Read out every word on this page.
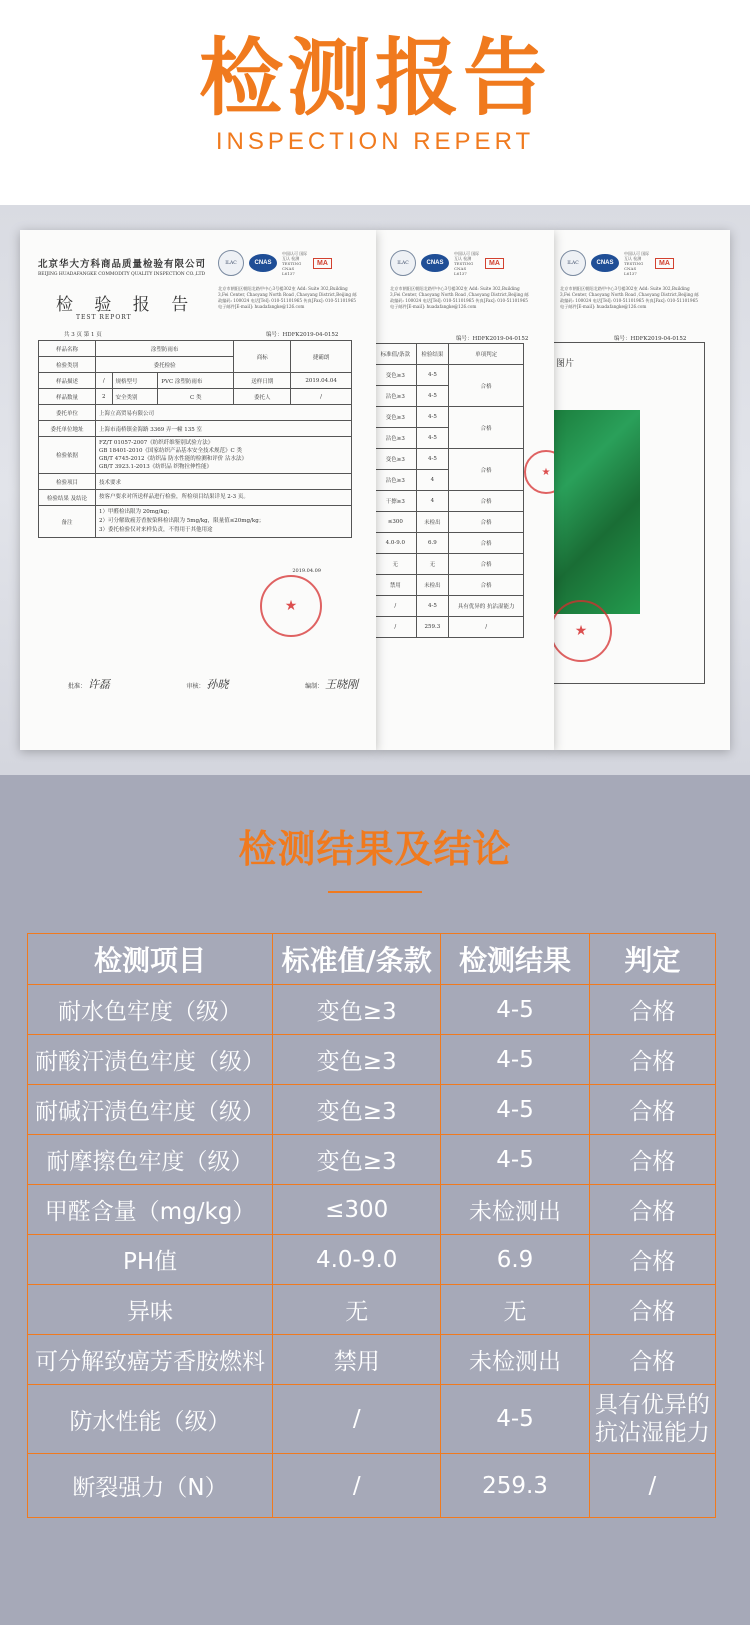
检测报告
INSPECTION REPERT
ILAC	CNAS
中国认可 国际互认 检测 TESTING CNAS L6137
MA
北京市朝阳区朝阳北路甲中心3号楼302室 Add: Suite 302,Building 3,Fei Center, Chaoyang North Road ,Chaoyang District,Beijing 邮政编码: 100024 电话[Tel]: 010-51101965 传真[Fax]: 010-51101965 电子邮件[E-mail]: huadafangke@126.com
编号：HDFK2019-04-0152
图片
★
ILAC	CNAS
中国认可 国际互认 检测 TESTING CNAS L6137
MA
北京市朝阳区朝阳北路甲中心3号楼302室 Add: Suite 302,Building 3,Fei Center, Chaoyang North Road ,Chaoyang District,Beijing 邮政编码: 100024 电话[Tel]: 010-51101965 传真[Fax]: 010-51101965 电子邮件[E-mail]: huadafangke@126.com
编号：HDFK2019-04-0152
标准值/条款	检验结果	单项判定
变色≥3	4-5	合格
沾色≥3	4-5	
变色≥3	4-5	合格
沾色≥3	4-5	
变色≥3	4-5	合格
沾色≥3	4	
干擦≥3	4	合格
≤300	未检出	合格
4.0-9.0	6.9	合格
无	无	合格
禁用	未检出	合格
/	4-5	具有优异的 抗沾湿能力
/	259.3	/
★
北京华大方科商品质量检验有限公司
BEIJING HUADAFANGKE COMMODITY QUALITY INSPECTION CO.,LTD
ILAC	CNAS
中国认可 国际互认 检测 TESTING CNAS L6137
MA
北京市朝阳区朝阳北路甲中心3号楼302室 Add: Suite 302,Building 3,Fei Center, Chaoyang North Road ,Chaoyang District,Beijing 邮政编码: 100024 电话[Tel]: 010-51101965 传真[Fax]: 010-51101965 电子邮件[E-mail]: huadafangke@126.com
检 验 报 告
TEST REPORT
共 3 页 第 1 页	编号：HDFK2019-04-0152
样品名称	涂塑防雨布			商标	捷霸朗
检验类别	委托检验				
样品描述	/	规格型号	PVC 涂塑防雨布	送样日期	2019.04.04
样品数量	2	安全类别	C 类	委托人	/
委托单位	上海立高贸易有限公司				
委托单位地址	上海市南桥镇金海路 3369 弄一幢 135 室				
检验依据	FZ/T 01057-2007《纺织纤维鉴别试验方法》
GB 18401-2010《国家纺织产品基本安全技术规范》C 类
GB/T 4745-2012《纺织品 防水性能的检测和评价 沾水法》
GB/T 3923.1-2013《纺织品 织物拉伸性能》				

检验项目	技术要求				
检验结果 及结论	按客户要求对所送样品进行检验，所检项目结果详见 2-3 页。
2019.04.09				

备注	1）甲醛检出限为 20mg/kg；
2）可分解致癌芳香胺染料检出限为 5mg/kg，限量值≤20mg/kg；
3）委托检验仅对来样负责，不得用于其他用途				
★
批准： 许磊	审核： 孙晓	编制： 王晓刚
检测结果及结论
检测项目	标准值/条款	检测结果	判定
耐水色牢度（级）	变色≥3	4-5	合格
耐酸汗渍色牢度（级）	变色≥3	4-5	合格
耐碱汗渍色牢度（级）	变色≥3	4-5	合格
耐摩擦色牢度（级）	变色≥3	4-5	合格
甲醛含量（mg/kg）	≤300	未检测出	合格
PH值	4.0-9.0	6.9	合格
异味	无	无	合格
可分解致癌芳香胺燃料	禁用	未检测出	合格
防水性能（级）	/	4-5	具有优异的
抗沾湿能力

断裂强力（N）	/	259.3	/
